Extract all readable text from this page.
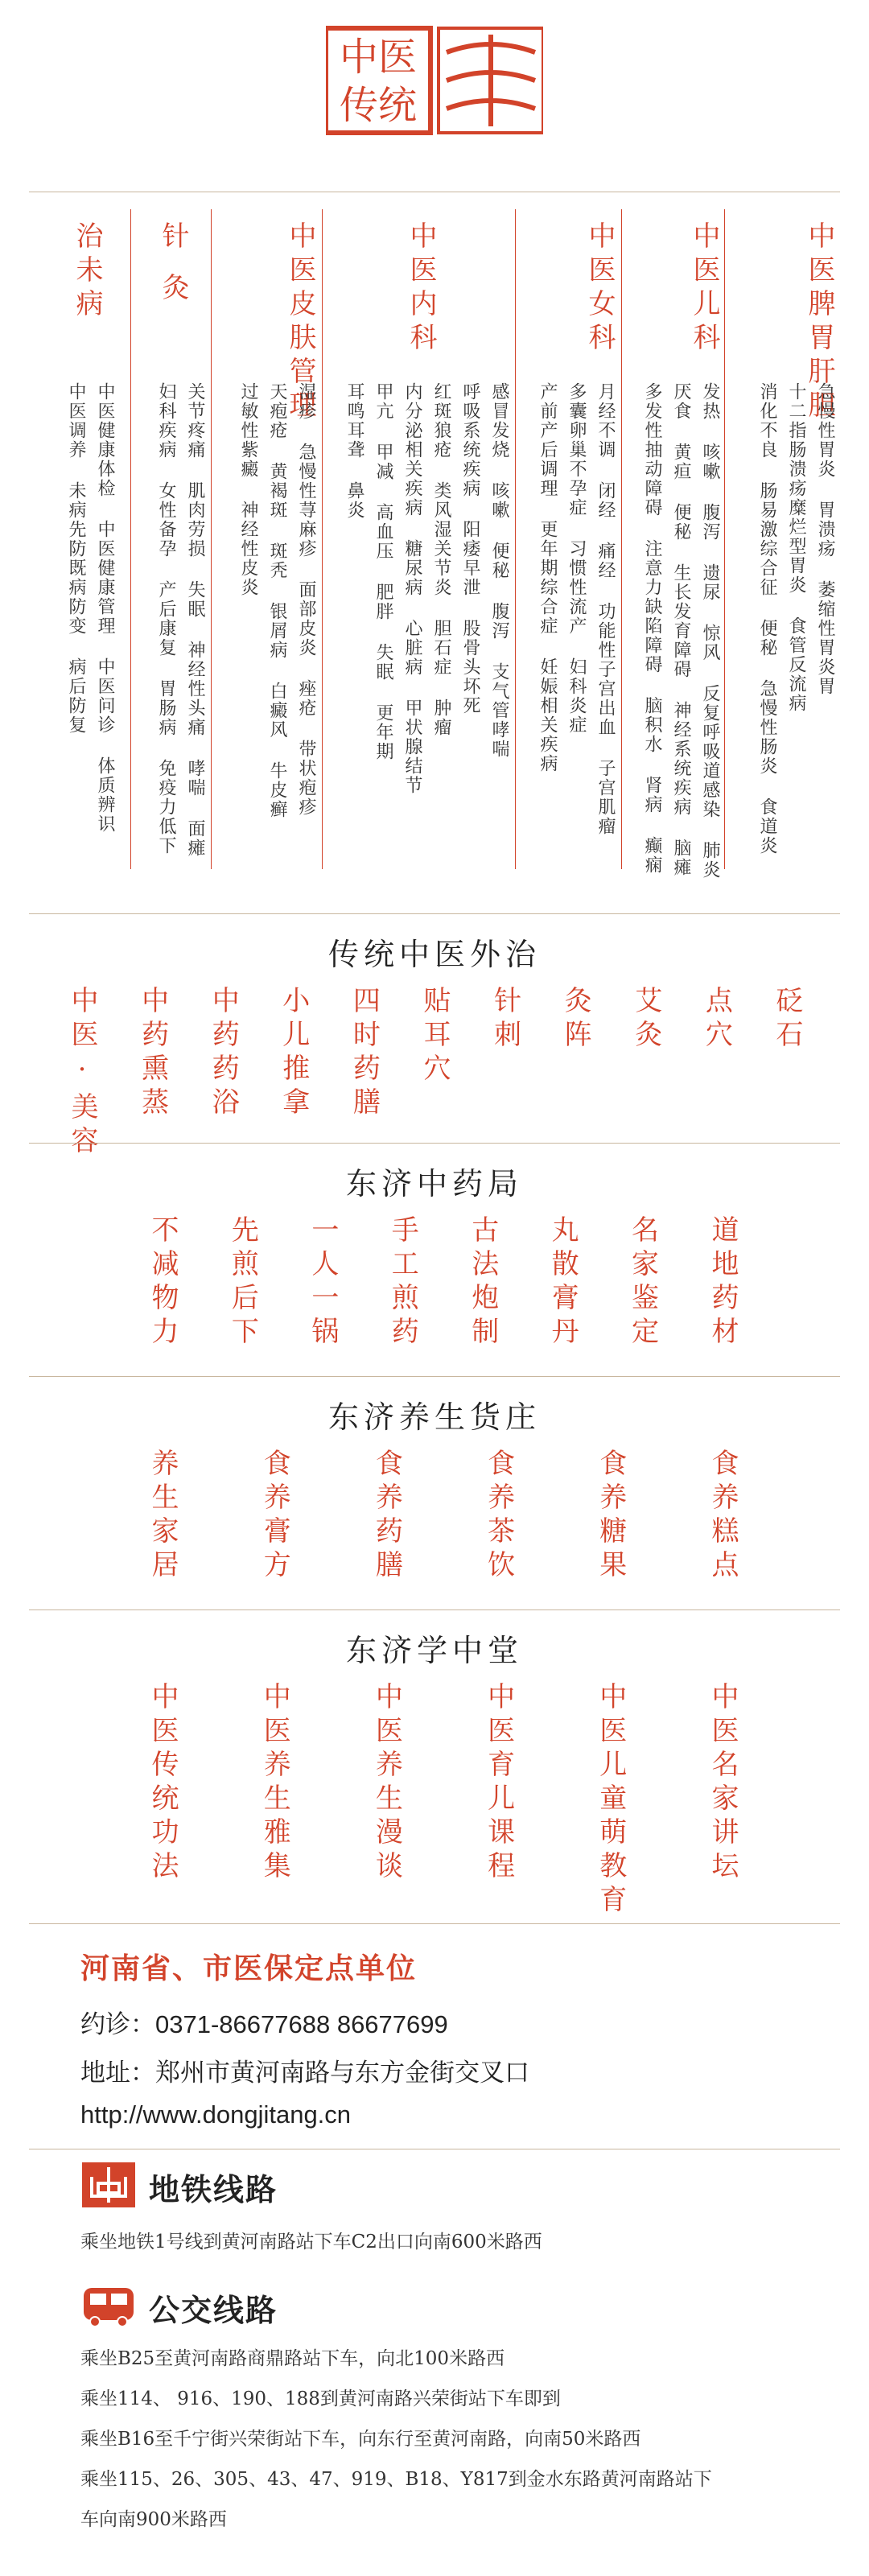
中医
传统
中医脾胃肝胆
急慢性胃炎 胃溃疡 萎缩性胃炎胃
十二指肠溃疡糜烂型胃炎 食管反流病
消化不良 肠易激综合征 便秘 急慢性肠炎 食道炎
中医儿科
发热 咳嗽 腹泻 遗尿 惊风 反复呼吸道感染 肺炎
厌食 黄疸 便秘 生长发育障碍 神经系统疾病 脑瘫
多发性抽动障碍 注意力缺陷障碍 脑积水 肾病 癫痫
中医女科
月经不调 闭经 痛经 功能性子宫出血 子宫肌瘤
多囊卵巢不孕症 习惯性流产 妇科炎症
产前产后调理 更年期综合症 妊娠相关疾病
中医内科
感冒发烧 咳嗽 便秘 腹泻 支气管哮喘
呼吸系统疾病 阳痿早泄 股骨头坏死
红斑狼疮 类风湿关节炎 胆石症 肿瘤
内分泌相关疾病 糖尿病 心脏病 甲状腺结节
甲亢 甲减 高血压 肥胖 失眠 更年期
耳鸣耳聋 鼻炎
中医皮肤管理
湿疹 急慢性荨麻疹 面部皮炎 痤疮 带状疱疹
天疱疮 黄褐斑 斑秃 银屑病 白癜风 牛皮癣
过敏性紫癜 神经性皮炎
针灸
关节疼痛 肌肉劳损 失眠 神经性头痛 哮喘 面瘫
妇科疾病 女性备孕 产后康复 胃肠病 免疫力低下
治未病
中医健康体检 中医健康管理 中医问诊 体质辨识
中医调养 未病先防既病防变 病后防复
传统中医外治
中医·美容 中药熏蒸 中药药浴 小儿推拿 四时药膳 贴耳穴 针刺 灸阵 艾灸 点穴 砭石
东济中药局
不减物力 先煎后下 一人一锅 手工煎药 古法炮制 丸散膏丹 名家鉴定 道地药材
东济养生货庄
养生家居	食养膏方	食养药膳	食养茶饮	食养糖果	食养糕点
东济学中堂
中医传统功法	中医养生雅集	中医养生漫谈	中医育儿课程	中医儿童萌教育	中医名家讲坛
河南省、市医保定点单位
约诊：0371-86677688 86677699
地址：郑州市黄河南路与东方金街交叉口
http://www.dongjitang.cn
地铁线路
乘坐地铁1号线到黄河南路站下车C2出口向南600米路西
公交线路
乘坐B25至黄河南路商鼎路站下车，向北100米路西
乘坐114、 916、190、188到黄河南路兴荣街站下车即到
乘坐B16至千宁街兴荣街站下车，向东行至黄河南路，向南50米路西
乘坐115、26、305、43、47、919、B18、Y817到金水东路黄河南路站下
车向南900米路西
